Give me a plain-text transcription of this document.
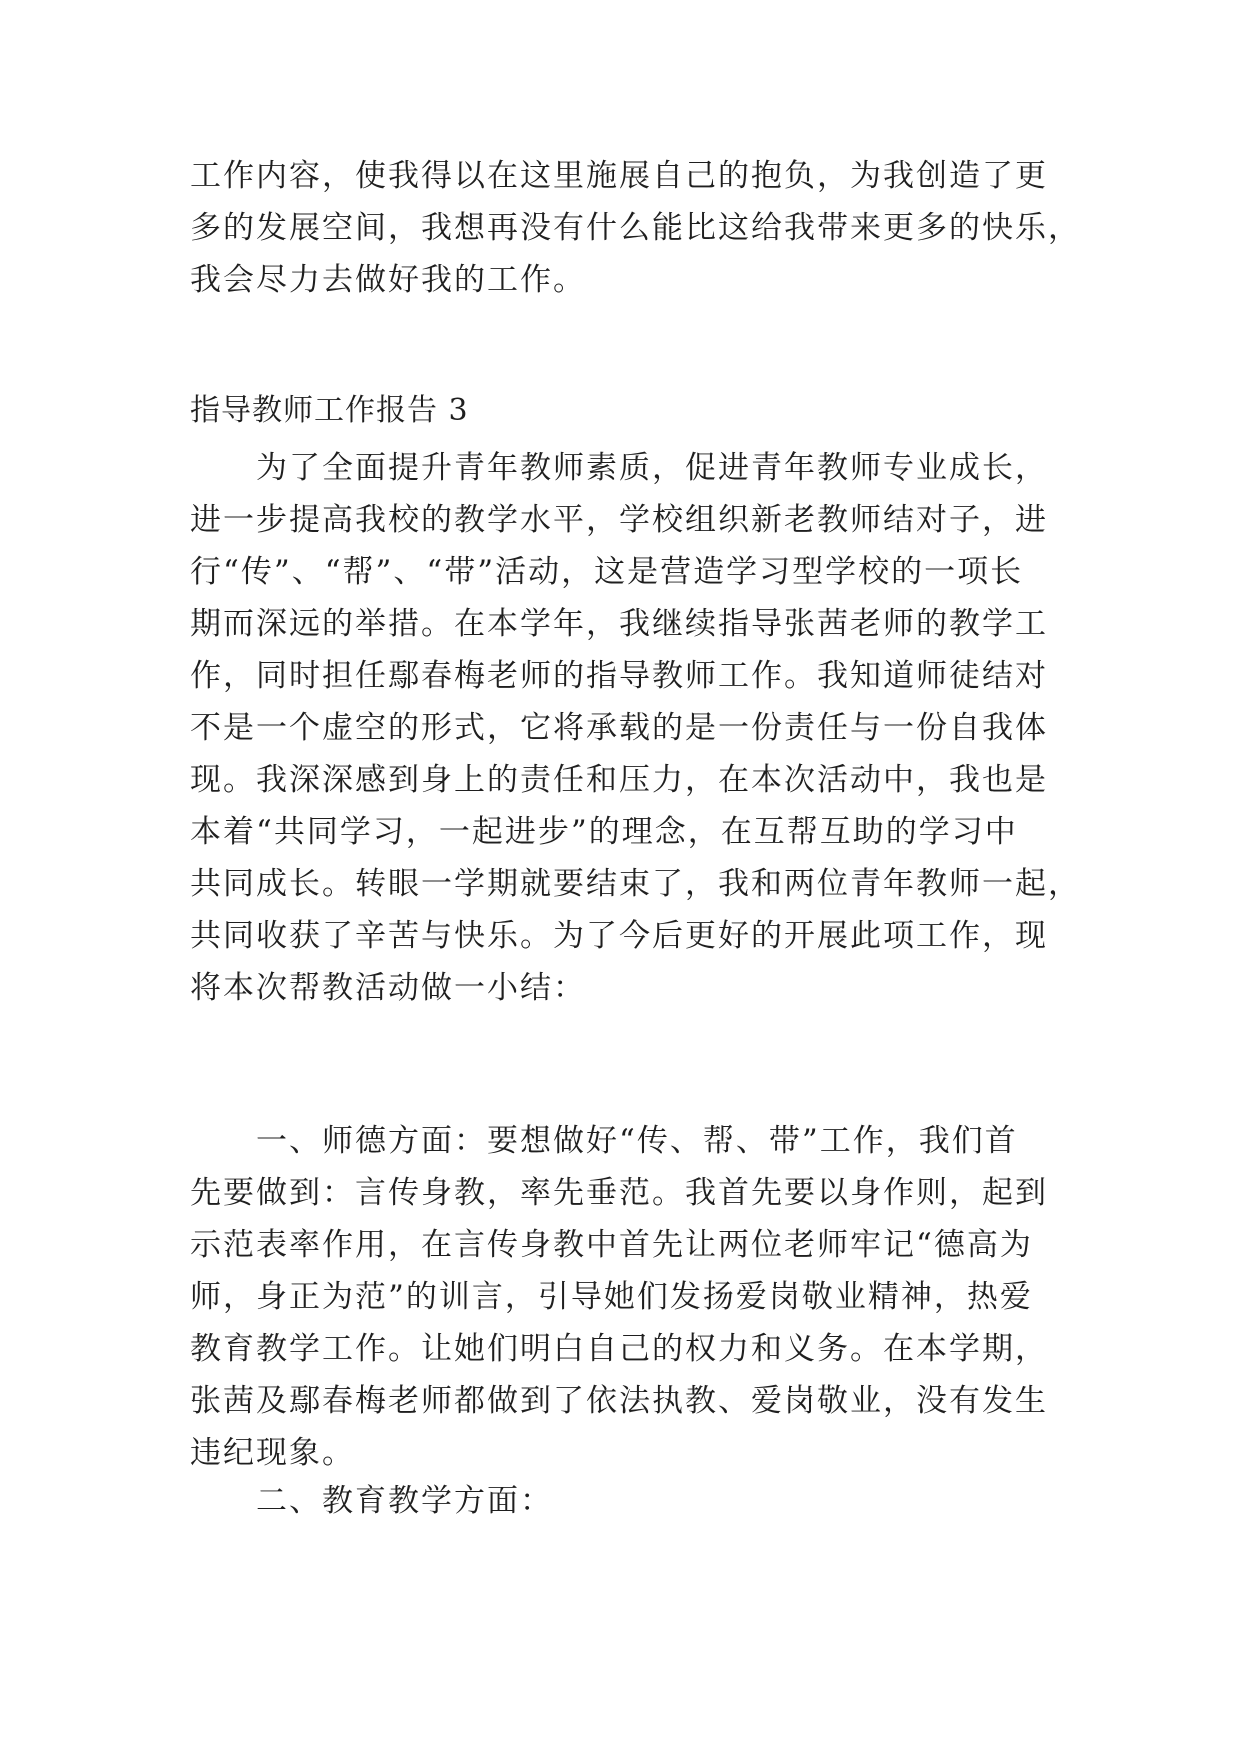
工作内容，使我得以在这里施展自己的抱负，为我创造了更
多的发展空间，我想再没有什么能比这给我带来更多的快乐，
我会尽力去做好我的工作。
指导教师工作报告 3
为了全面提升青年教师素质，促进青年教师专业成长，
进一步提高我校的教学水平，学校组织新老教师结对子，进
行“传”、“帮”、“带”活动，这是营造学习型学校的一项长
期而深远的举措。在本学年，我继续指导张茜老师的教学工
作，同时担任鄢春梅老师的指导教师工作。我知道师徒结对
不是一个虚空的形式，它将承载的是一份责任与一份自我体
现。我深深感到身上的责任和压力，在本次活动中，我也是
本着“共同学习，一起进步”的理念，在互帮互助的学习中
共同成长。转眼一学期就要结束了，我和两位青年教师一起，
共同收获了辛苦与快乐。为了今后更好的开展此项工作，现
将本次帮教活动做一小结：
一、师德方面：要想做好“传、帮、带”工作，我们首
先要做到：言传身教，率先垂范。我首先要以身作则，起到
示范表率作用，在言传身教中首先让两位老师牢记“德高为
师，身正为范”的训言，引导她们发扬爱岗敬业精神，热爱
教育教学工作。让她们明白自己的权力和义务。在本学期，
张茜及鄢春梅老师都做到了依法执教、爱岗敬业，没有发生
违纪现象。
二、教育教学方面：
